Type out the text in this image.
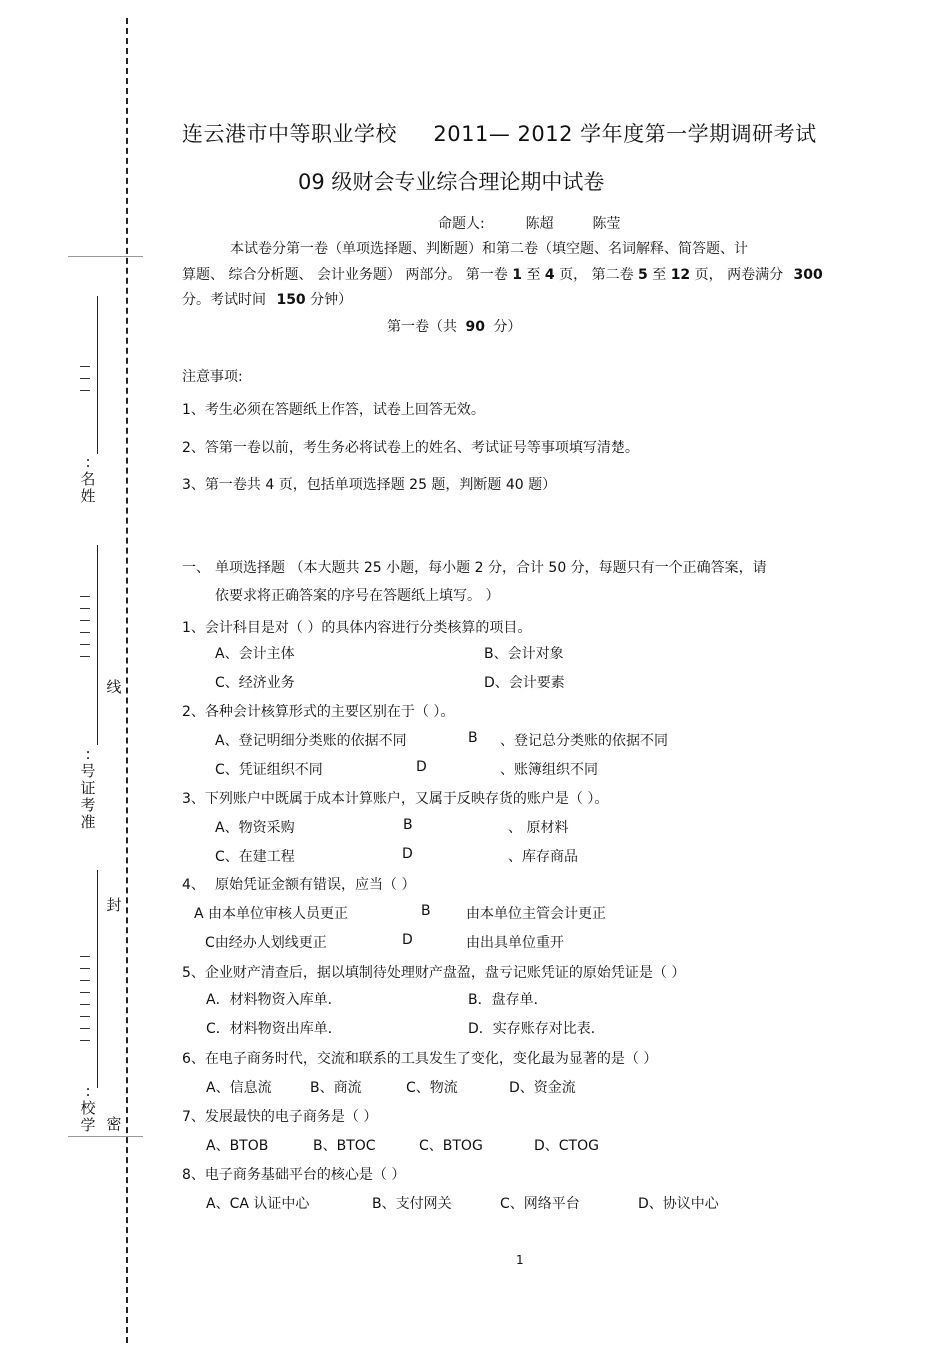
:名姓
:号证考准
:校学
线
封
密
连云港市中等职业学校 2011— 2012 学年度第一学期调研考试
09 级财会专业综合理论期中试卷
命题人:	陈超	陈莹
本试卷分第一卷（单项选择题、判断题）和第二卷（填空题、名词解释、简答题、计
算题、 综合分析题、 会计业务题） 两部分。 第一卷 1 至 4 页， 第二卷 5 至 12 页， 两卷满分 300
分。考试时间 150 分钟）
第一卷（共 90 分）
注意事项:
1、考生必须在答题纸上作答，试卷上回答无效。
2、答第一卷以前，考生务必将试卷上的姓名、考试证号等事项填写清楚。
3、第一卷共 4 页，包括单项选择题 25 题，判断题 40 题）
一、 单项选择题 （本大题共 25 小题，每小题 2 分，合计 50 分，每题只有一个正确答案，请
依要求将正确答案的序号在答题纸上填写。 ）
1、会计科目是对（ ）的具体内容进行分类核算的项目。
A、会计主体	B、会计对象
C、经济业务	D、会计要素
2、各种会计核算形式的主要区别在于（ ）。
A、登记明细分类账的依据不同	B 、登记总分类账的依据不同
C、凭证组织不同	D	、账簿组织不同
3、下列账户中既属于成本计算账户，又属于反映存货的账户是（ ）。
A、物资采购	B	、 原材料
C、在建工程	D	、库存商品
4、 原始凭证金额有错误，应当（ ）
A 由本单位审核人员更正	B	由本单位主管会计更正
C由经办人划线更正	D	由出具单位重开
5、企业财产清查后，据以填制待处理财产盘盈，盘亏记账凭证的原始凭证是（ ）
A．材料物资入库单．	B．盘存单．
C．材料物资出库单．	D．实存账存对比表．
6、在电子商务时代，交流和联系的工具发生了变化，变化最为显著的是（ ）
A、信息流	B、商流	C、物流	D、资金流
7、发展最快的电子商务是（ ）
A、BTOB	B、BTOC	C、BTOG	D、CTOG
8、电子商务基础平台的核心是（ ）
A、CA 认证中心	B、支付网关	C、网络平台	D、协议中心
1
